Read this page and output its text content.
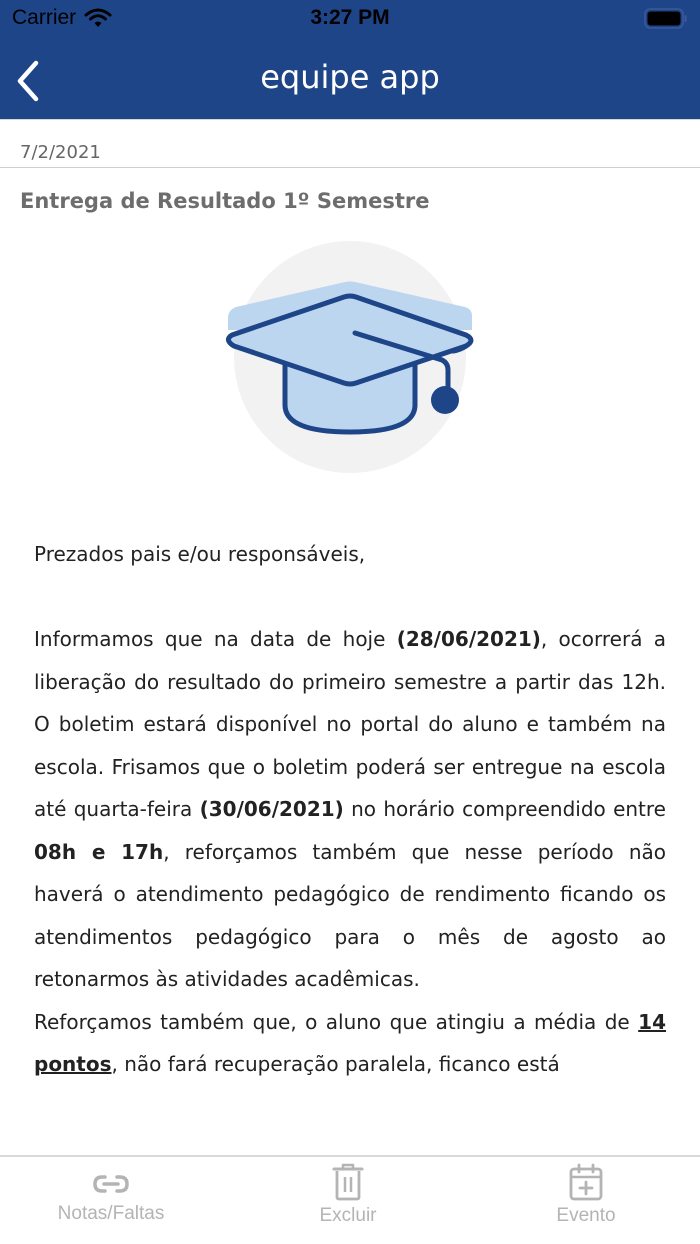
Carrier	3:27 PM
equipe app
7/2/2021
Entrega de Resultado 1º Semestre

Prezados pais e/ou responsáveis,

Informamos que na data de hoje (28/06/2021), ocorrerá a liberação do resultado do primeiro semestre a partir das 12h. O boletim estará disponível no portal do aluno e também na escola. Frisamos que o boletim poderá ser entregue na escola até quarta-feira (30/06/2021) no horário compreendido entre 08h e 17h, reforçamos também que nesse período não haverá o atendimento pedagógico de rendimento ficando os atendimentos pedagógico para o mês de agosto ao retonarmos às atividades acadêmicas.

Reforçamos também que, o aluno que atingiu a média de 14 pontos, não fará recuperação paralela, ficanco está

Notas/Faltas	Excluir	Evento
